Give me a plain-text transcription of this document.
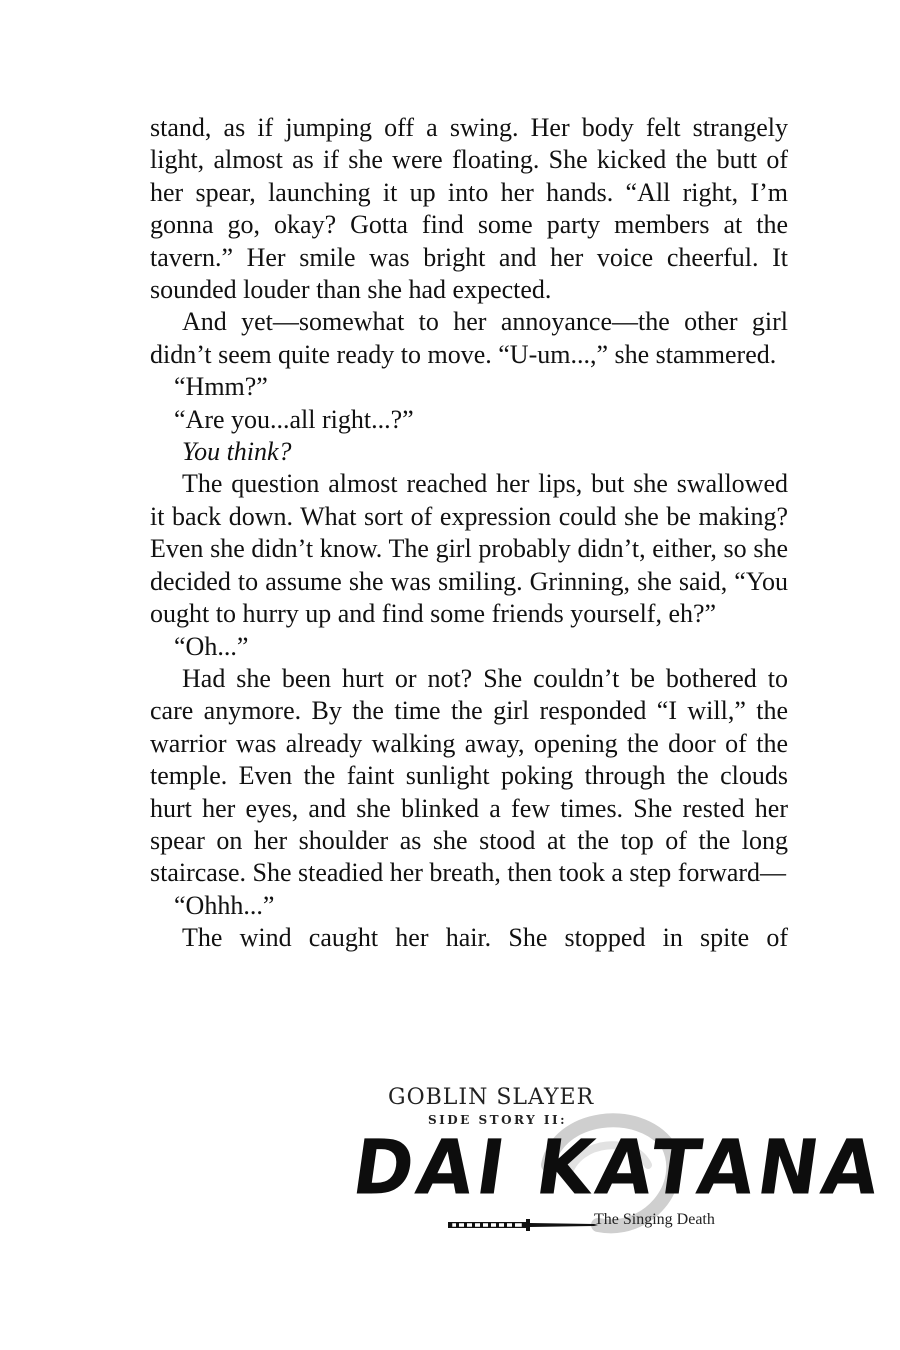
stand, as if jumping off a swing. Her body felt strangely light, almost as if she were floating. She kicked the butt of her spear, launching it up into her hands. “All right, I’m gonna go, okay? Gotta find some party members at the tavern.” Her smile was bright and her voice cheerful. It sounded louder than she had expected.

And yet—somewhat to her annoyance—the other girl didn’t seem quite ready to move. “U-um...,” she stammered.

“Hmm?”

“Are you...all right...?”

You think?

The question almost reached her lips, but she swallowed it back down. What sort of expression could she be making? Even she didn’t know. The girl probably didn’t, either, so she decided to assume she was smiling. Grinning, she said, “You ought to hurry up and find some friends yourself, eh?”

“Oh...”

Had she been hurt or not? She couldn’t be bothered to care anymore. By the time the girl responded “I will,” the warrior was already walking away, opening the door of the temple. Even the faint sunlight poking through the clouds hurt her eyes, and she blinked a few times. She rested her spear on her shoulder as she stood at the top of the long staircase. She steadied her breath, then took a step forward—

“Ohhh...”

The wind caught her hair. She stopped in spite of

GOBLIN SLAYER
SIDE STORY II:
DAI KATANA
The Singing Death
